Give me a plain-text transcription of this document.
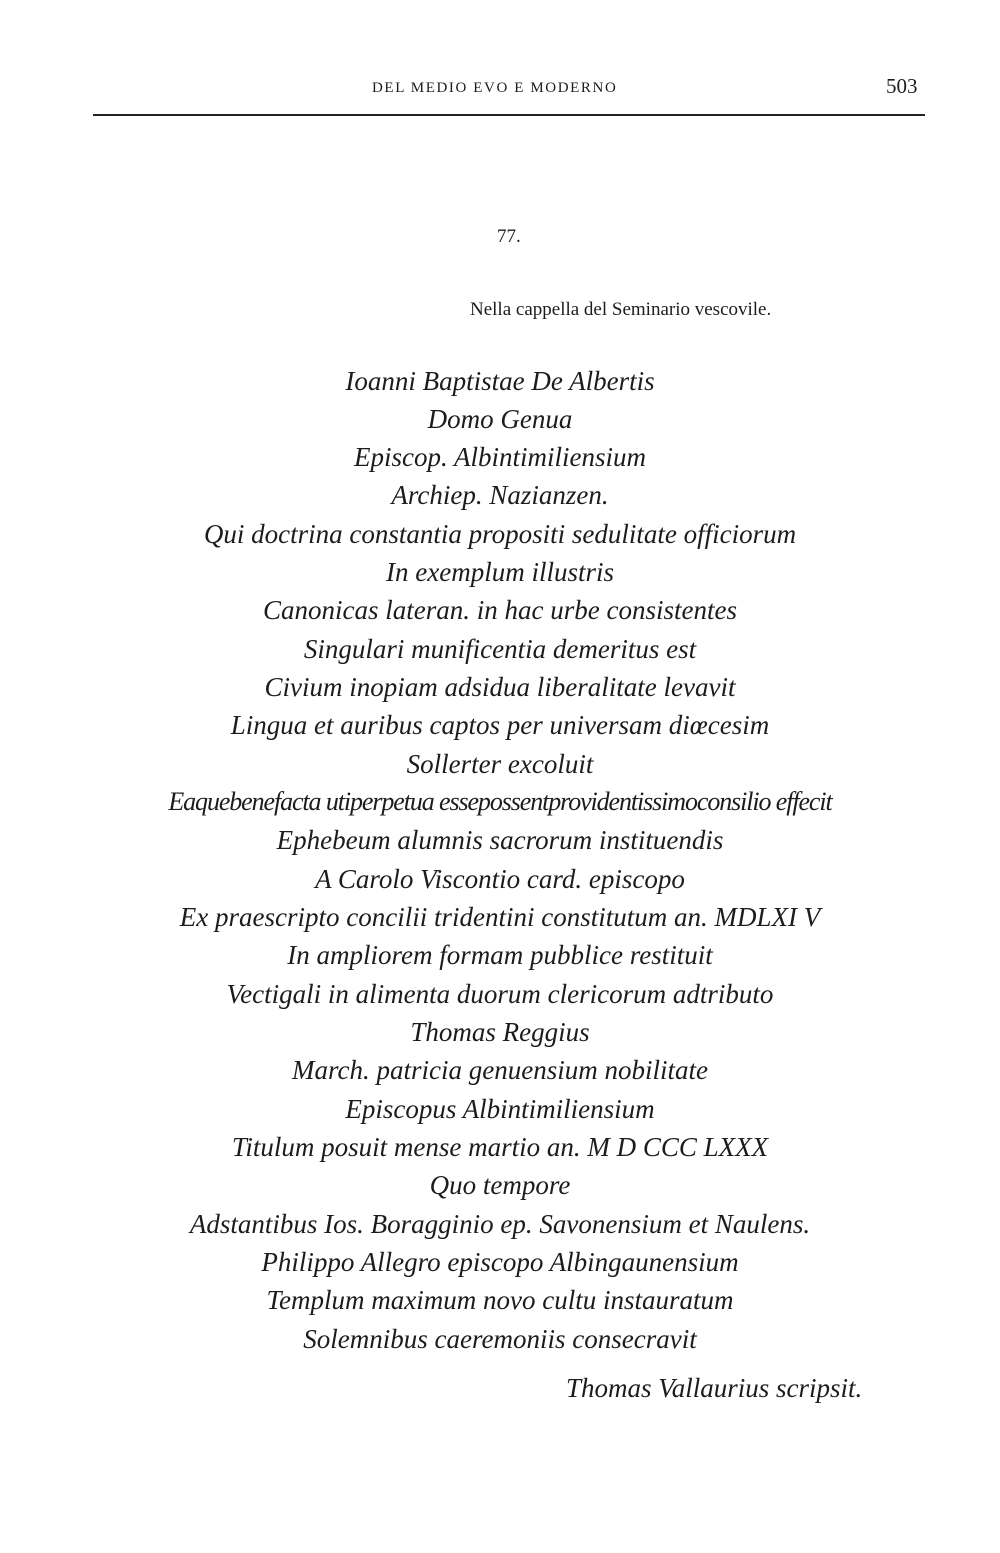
DEL MEDIO EVO E MODERNO	503
77.
Nella cappella del Seminario vescovile.
Ioanni Baptistae De Albertis
Domo Genua
Episcop. Albintimiliensium
Archiep. Nazianzen.
Qui doctrina constantia propositi sedulitate officiorum
In exemplum illustris
Canonicas lateran. in hac urbe consistentes
Singulari munificentia demeritus est
Civium inopiam adsidua liberalitate levavit
Lingua et auribus captos per universam diœcesim
Sollerter excoluit
Eaquebenefacta utiperpetua essepossentprovidentissimoconsilio effecit
Ephebeum alumnis sacrorum instituendis
A Carolo Viscontio card. episcopo
Ex praescripto concilii tridentini constitutum an. MDLXI V
In ampliorem formam pubblice restituit
Vectigali in alimenta duorum clericorum adtributo
Thomas Reggius
March. patricia genuensium nobilitate
Episcopus Albintimiliensium
Titulum posuit mense martio an. M D CCC LXXX
Quo tempore
Adstantibus Ios. Boragginio ep. Savonensium et Naulens.
Philippo Allegro episcopo Albingaunensium
Templum maximum novo cultu instauratum
Solemnibus caeremoniis consecravit
Thomas Vallaurius scripsit.
